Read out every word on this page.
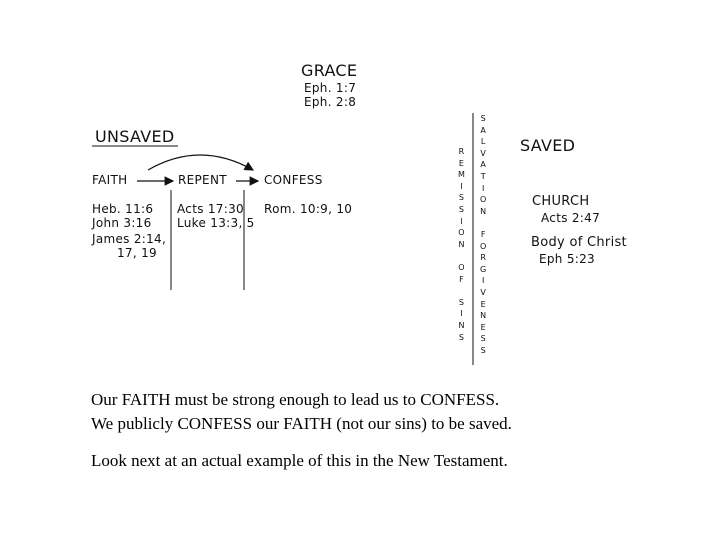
GRACE
Eph. 1:7
Eph. 2:8
UNSAVED
FAITH	REPENT	CONFESS
Heb. 11:6
John 3:16
James 2:14,
17, 19
Acts 17:30
Luke 13:3, 5
Rom. 10:9, 10
R
E
M
I
S
S
I
O
N

O
F

S
I
N
S
S
A
L
V
A
T
I
O
N

F
O
R
G
I
V
E
N
E
S
S
SAVED
CHURCH
Acts 2:47
Body of Christ
Eph 5:23
Our FAITH must be strong enough to lead us to CONFESS.
We publicly CONFESS our FAITH (not our sins) to be saved.
Look next at an actual example of this in the New Testament.
